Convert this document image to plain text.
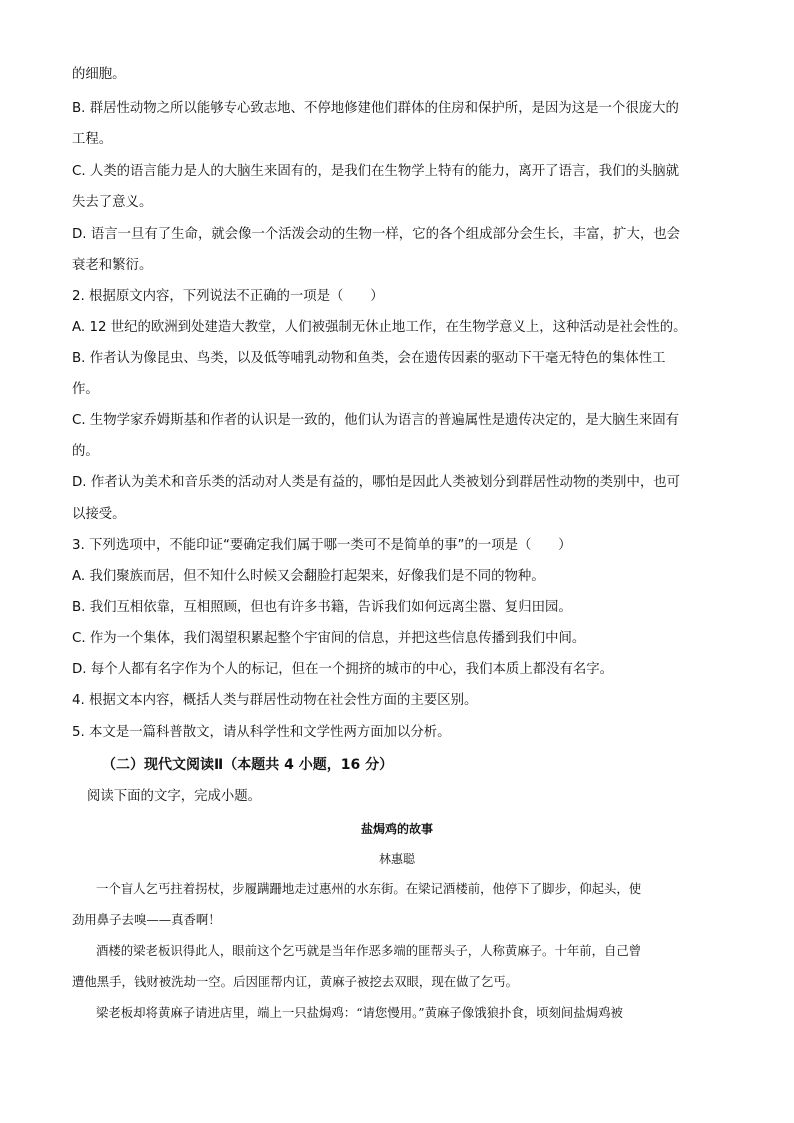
的细胞。
B. 群居性动物之所以能够专心致志地、不停地修建他们群体的住房和保护所，是因为这是一个很庞大的
工程。
C. 人类的语言能力是人的大脑生来固有的，是我们在生物学上特有的能力，离开了语言，我们的头脑就
失去了意义。
D. 语言一旦有了生命，就会像一个活泼会动的生物一样，它的各个组成部分会生长，丰富，扩大，也会
衰老和繁衍。
2. 根据原文内容，下列说法不正确的一项是（　　）
A. 12 世纪的欧洲到处建造大教堂，人们被强制无休止地工作，在生物学意义上，这种活动是社会性的。
B. 作者认为像昆虫、鸟类，以及低等哺乳动物和鱼类，会在遗传因素的驱动下干毫无特色的集体性工
作。
C. 生物学家乔姆斯基和作者的认识是一致的，他们认为语言的普遍属性是遗传决定的，是大脑生来固有
的。
D. 作者认为美术和音乐类的活动对人类是有益的，哪怕是因此人类被划分到群居性动物的类别中，也可
以接受。
3. 下列选项中，不能印证“要确定我们属于哪一类可不是简单的事”的一项是（　　）
A. 我们聚族而居，但不知什么时候又会翻脸打起架来，好像我们是不同的物种。
B. 我们互相依靠，互相照顾，但也有许多书籍，告诉我们如何远离尘嚣、复归田园。
C. 作为一个集体，我们渴望积累起整个宇宙间的信息，并把这些信息传播到我们中间。
D. 每个人都有名字作为个人的标记，但在一个拥挤的城市的中心，我们本质上都没有名字。
4. 根据文本内容，概括人类与群居性动物在社会性方面的主要区别。
5. 本文是一篇科普散文，请从科学性和文学性两方面加以分析。
（二）现代文阅读Ⅱ（本题共 4 小题，16 分）
阅读下面的文字，完成小题。
盐焗鸡的故事
林惠聪
一个盲人乞丐拄着拐杖，步履蹒跚地走过惠州的水东街。在梁记酒楼前，他停下了脚步，仰起头，使
劲用鼻子去嗅——真香啊！
酒楼的梁老板识得此人，眼前这个乞丐就是当年作恶多端的匪帮头子，人称黄麻子。十年前，自己曾
遭他黑手，钱财被洗劫一空。后因匪帮内讧，黄麻子被挖去双眼，现在做了乞丐。
梁老板却将黄麻子请进店里，端上一只盐焗鸡：“请您慢用。”黄麻子像饿狼扑食，顷刻间盐焗鸡被
